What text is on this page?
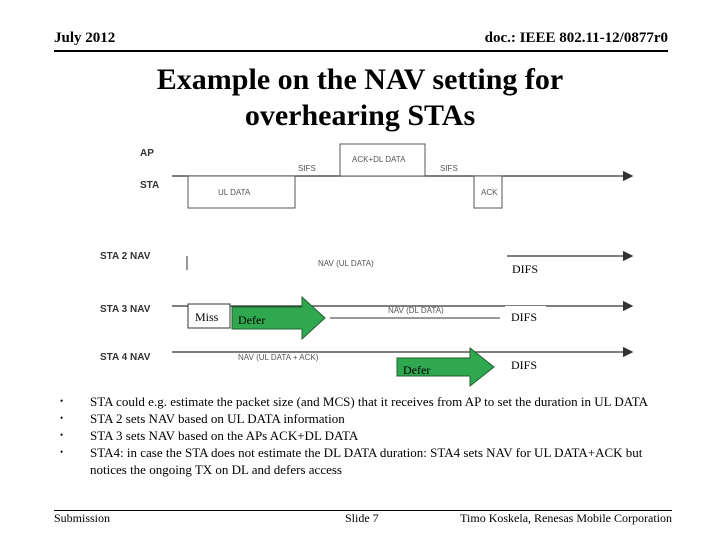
July 2012	doc.: IEEE 802.11-12/0877r0
Example on the NAV setting for
overhearing STAs
AP
STA
STA 2 NAV
STA 3 NAV
STA 4 NAV
ACK+DL DATA
SIFS	SIFS
UL DATA	ACK
NAV (UL DATA)	DIFS
NAV (DL DATA)
Miss Defer	DIFS
NAV (UL DATA + ACK)
Defer	DIFS
• STA could e.g. estimate the packet size (and MCS) that it receives from AP to set the duration in UL DATA
• STA 2 sets NAV based on UL DATA information
• STA 3 sets NAV based on the APs ACK+DL DATA
• STA4: in case the STA does not estimate the DL DATA duration: STA4 sets NAV for UL DATA+ACK but notices the ongoing TX on DL and defers access
Submission	Slide 7	Timo Koskela, Renesas Mobile Corporation
